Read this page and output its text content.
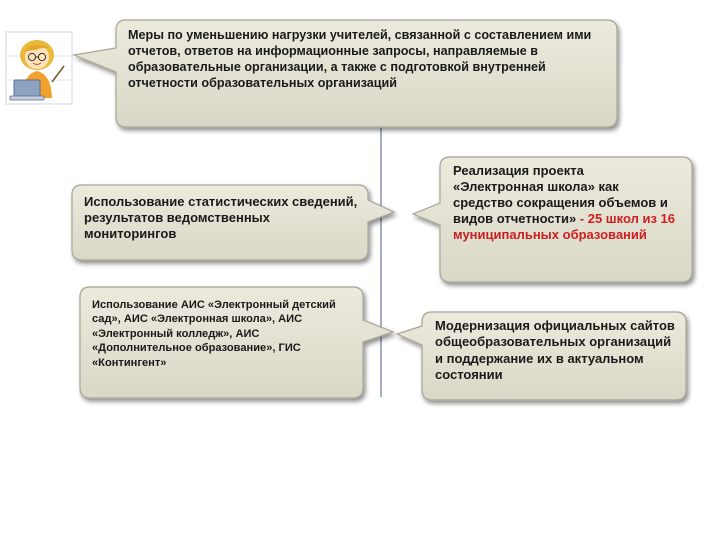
Меры по уменьшению нагрузки учителей, связанной с составлением ими отчетов, ответов на информационные запросы, направляемые в образовательные организации, а также с подготовкой внутренней отчетности образовательных организаций

Использование статистических сведений, результатов ведомственных мониторингов

Использование АИС «Электронный детский сад», АИС «Электронная школа», АИС «Электронный колледж», АИС «Дополнительное образование», ГИС «Контингент»

Реализация проекта «Электронная школа» как средство сокращения объемов и видов отчетности» - 25 школ из 16 муниципальных образований

Модернизация официальных сайтов общеобразовательных организаций и поддержание их в актуальном состоянии
